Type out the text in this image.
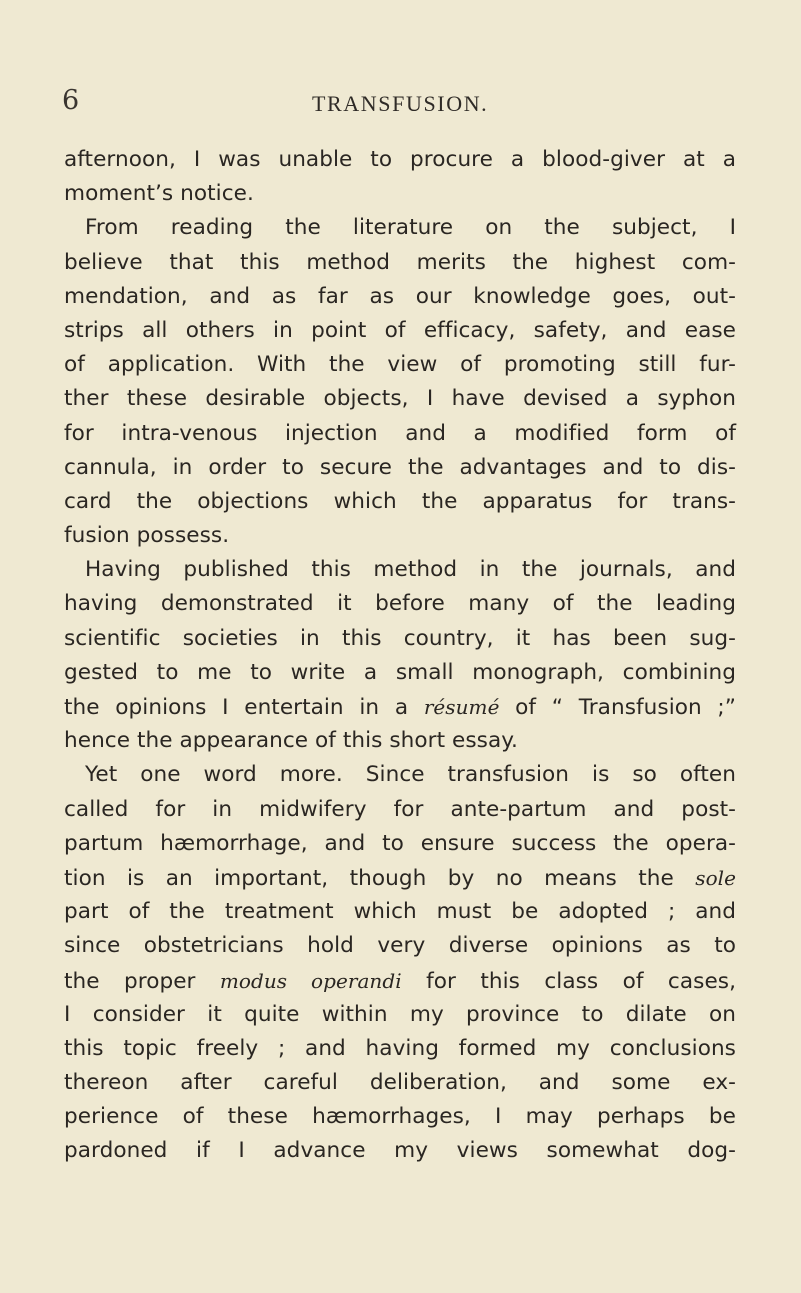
6	TRANSFUSION.
afternoon, I was unable to procure a blood-giver at a
moment’s notice.
From reading the literature on the subject, I
believe that this method merits the highest com-
mendation, and as far as our knowledge goes, out-
strips all others in point of efficacy, safety, and ease
of application. With the view of promoting still fur-
ther these desirable objects, I have devised a syphon
for intra-venous injection and a modified form of
cannula, in order to secure the advantages and to dis-
card the objections which the apparatus for trans-
fusion possess.
Having published this method in the journals, and
having demonstrated it before many of the leading
scientific societies in this country, it has been sug-
gested to me to write a small monograph, combining
the opinions I entertain in a résumé of “ Transfusion ;”
hence the appearance of this short essay.
Yet one word more. Since transfusion is so often
called for in midwifery for ante-partum and post-
partum hæmorrhage, and to ensure success the opera-
tion is an important, though by no means the sole
part of the treatment which must be adopted ; and
since obstetricians hold very diverse opinions as to
the proper modus operandi for this class of cases,
I consider it quite within my province to dilate on
this topic freely ; and having formed my conclusions
thereon after careful deliberation, and some ex-
perience of these hæmorrhages, I may perhaps be
pardoned if I advance my views somewhat dog-
